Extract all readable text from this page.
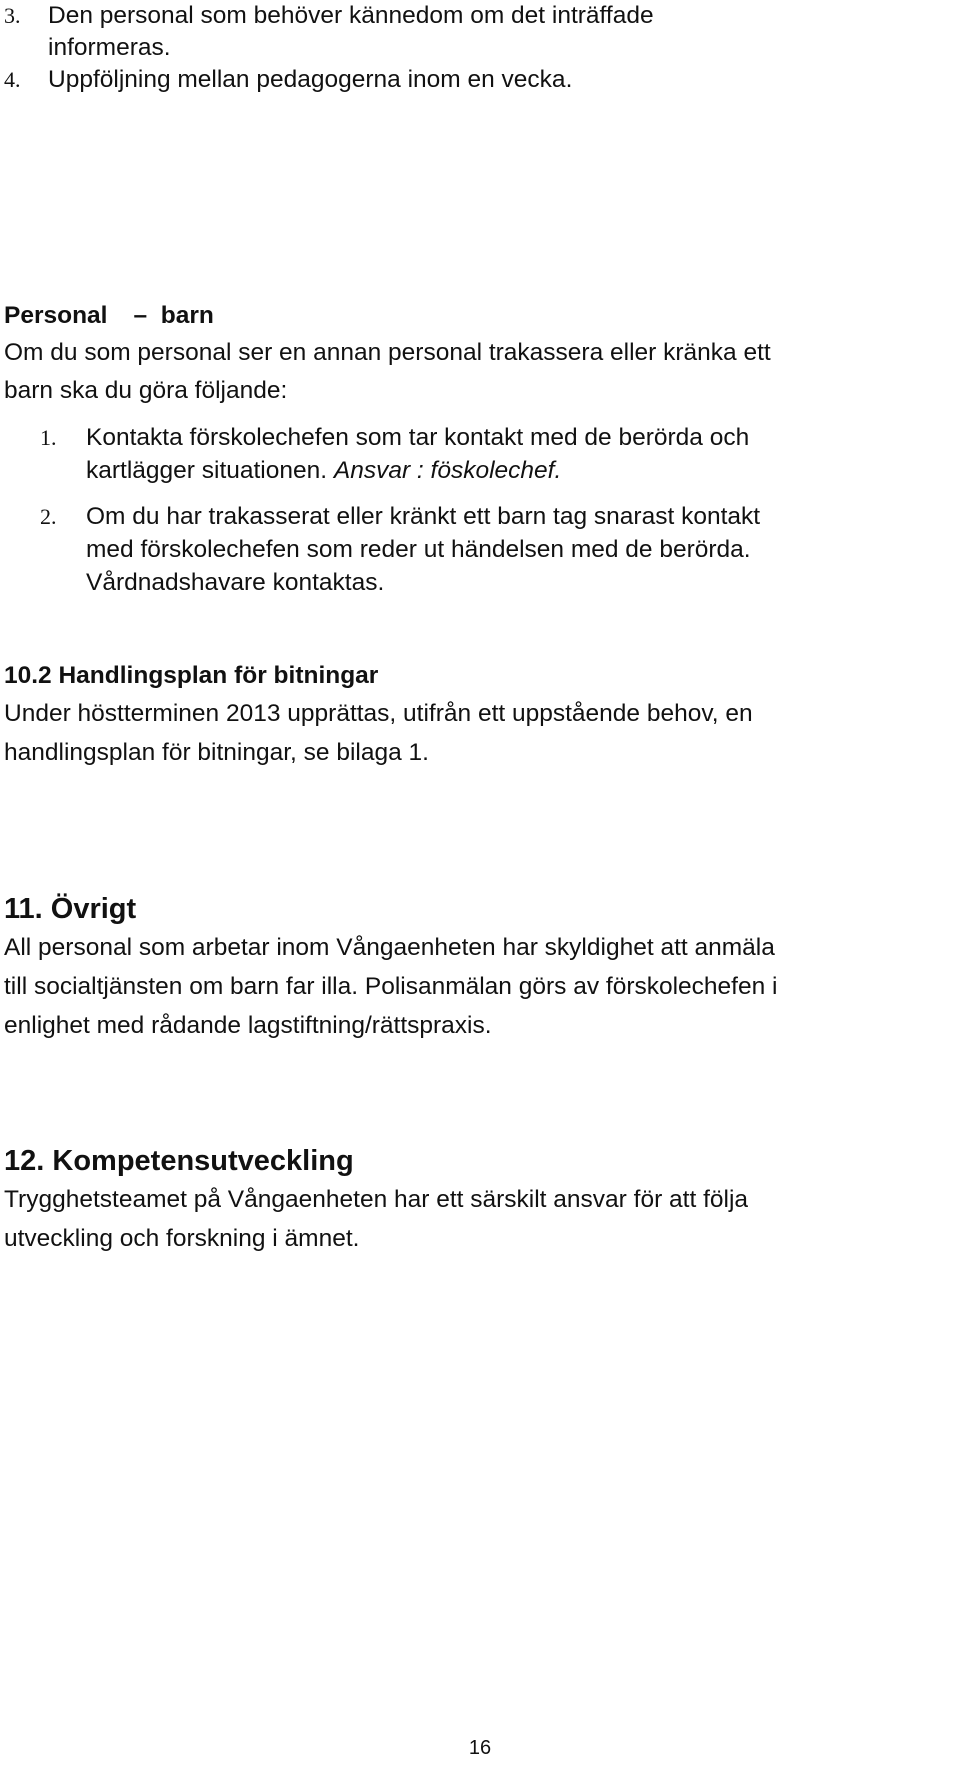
3. Den personal som behöver kännedom om det inträffade
informeras.
4. Uppföljning mellan pedagogerna inom en vecka.

Personal – barn

Om du som personal ser en annan personal trakassera eller kränka ett

barn ska du göra följande:

1. Kontakta förskolechefen som tar kontakt med de berörda och
kartlägger situationen. Ansvar : föskolechef.
2. Om du har trakasserat eller kränkt ett barn tag snarast kontakt
med förskolechefen som reder ut händelsen med de berörda.
Vårdnadshavare kontaktas.

10.2 Handlingsplan för bitningar

Under höstterminen 2013 upprättas, utifrån ett uppstående behov, en

handlingsplan för bitningar, se bilaga 1.

11. Övrigt

All personal som arbetar inom Vångaenheten har skyldighet att anmäla

till socialtjänsten om barn far illa. Polisanmälan görs av förskolechefen i

enlighet med rådande lagstiftning/rättspraxis.

12. Kompetensutveckling

Trygghetsteamet på Vångaenheten har ett särskilt ansvar för att följa

utveckling och forskning i ämnet.

16
